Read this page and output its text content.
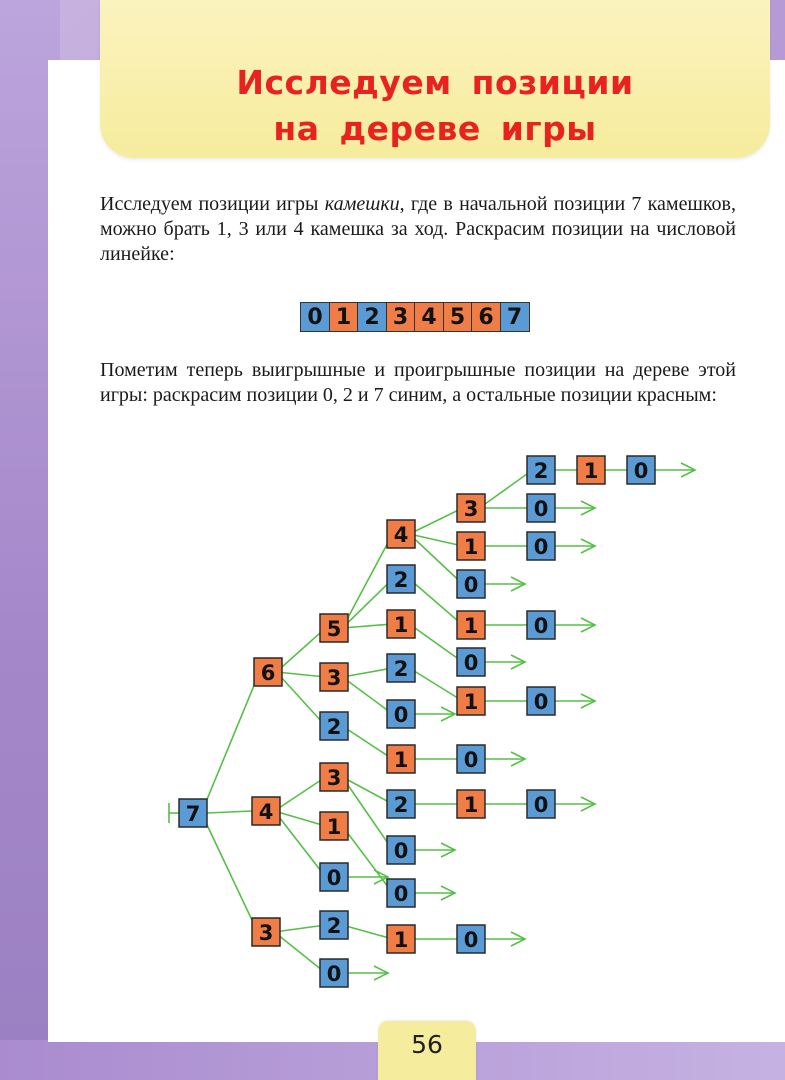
Исследуем позиции
на дереве игры

Исследуем позиции игры камешки, где в начальной позиции 7 камешков, можно брать 1, 3 или 4 камешка за ход. Раскрасим позиции на числовой линейке:

0 1 2 3 4 5 6 7

Пометим теперь выигрышные и проигрышные позиции на дереве этой игры: раскрасим позиции 0, 2 и 7 синим, а остальные позиции красным:

7
6
4
3
5
3
2
4
2
1
3
1
0
2
0
1 0
0
1	0
0
2
0
1	0
1	0
3
1
0
2
0
1	0
0
2
0
1	0
56
